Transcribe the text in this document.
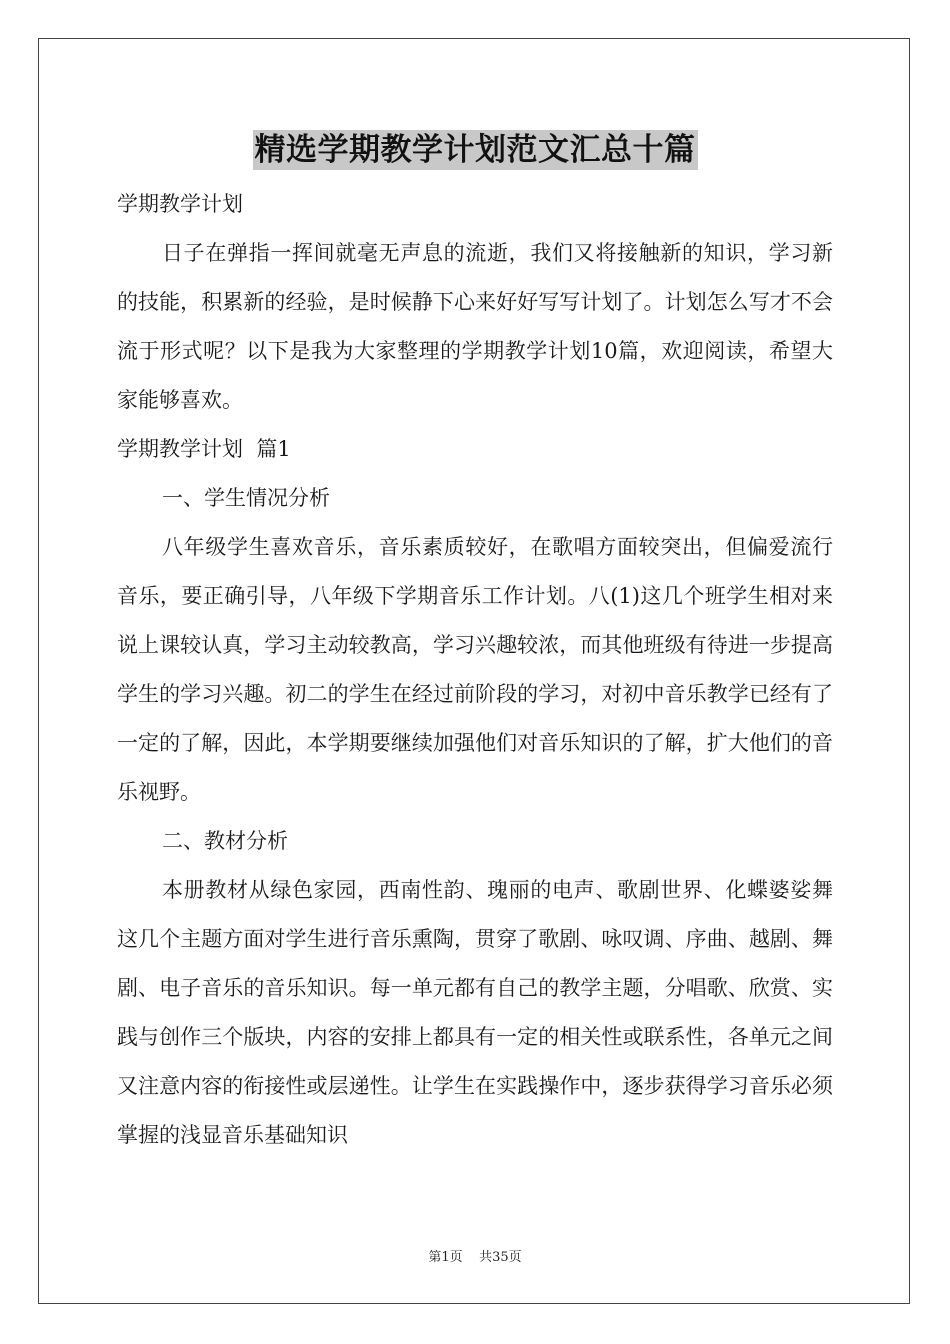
精选学期教学计划范文汇总十篇
学期教学计划

日子在弹指一挥间就毫无声息的流逝，我们又将接触新的知识，学习新的技能，积累新的经验，是时候静下心来好好写写计划了。计划怎么写才不会流于形式呢？以下是我为大家整理的学期教学计划10篇，欢迎阅读，希望大家能够喜欢。

学期教学计划  篇1
一、学生情况分析

八年级学生喜欢音乐，音乐素质较好，在歌唱方面较突出，但偏爱流行音乐，要正确引导，八年级下学期音乐工作计划。八(1)这几个班学生相对来说上课较认真，学习主动较教高，学习兴趣较浓，而其他班级有待进一步提高学生的学习兴趣。初二的学生在经过前阶段的学习，对初中音乐教学已经有了一定的了解，因此，本学期要继续加强他们对音乐知识的了解，扩大他们的音乐视野。

二、教材分析

本册教材从绿色家园，西南性韵、瑰丽的电声、歌剧世界、化蝶婆娑舞这几个主题方面对学生进行音乐熏陶，贯穿了歌剧、咏叹调、序曲、越剧、舞剧、电子音乐的音乐知识。每一单元都有自己的教学主题，分唱歌、欣赏、实践与创作三个版块，内容的安排上都具有一定的相关性或联系性，各单元之间又注意内容的衔接性或层递性。让学生在实践操作中，逐步获得学习音乐必须掌握的浅显音乐基础知识

第1页    共35页
